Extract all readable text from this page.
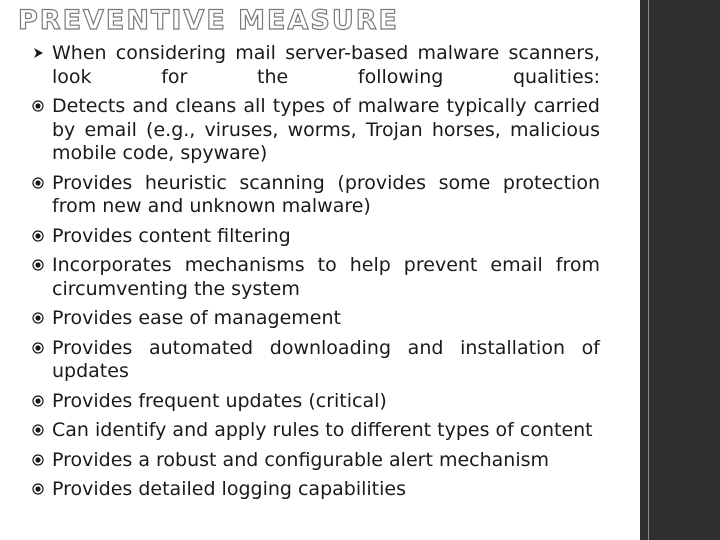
PREVENTIVE MEASURE
When considering mail server-based malware scanners, look for the following qualities:
Detects and cleans all types of malware typically carried by email (e.g., viruses, worms, Trojan horses, malicious mobile code, spyware)
Provides heuristic scanning (provides some protection from new and unknown malware)
Provides content filtering
Incorporates mechanisms to help prevent email from circumventing the system
Provides ease of management
Provides automated downloading and installation of updates
Provides frequent updates (critical)
Can identify and apply rules to different types of content
Provides a robust and configurable alert mechanism
Provides detailed logging capabilities
